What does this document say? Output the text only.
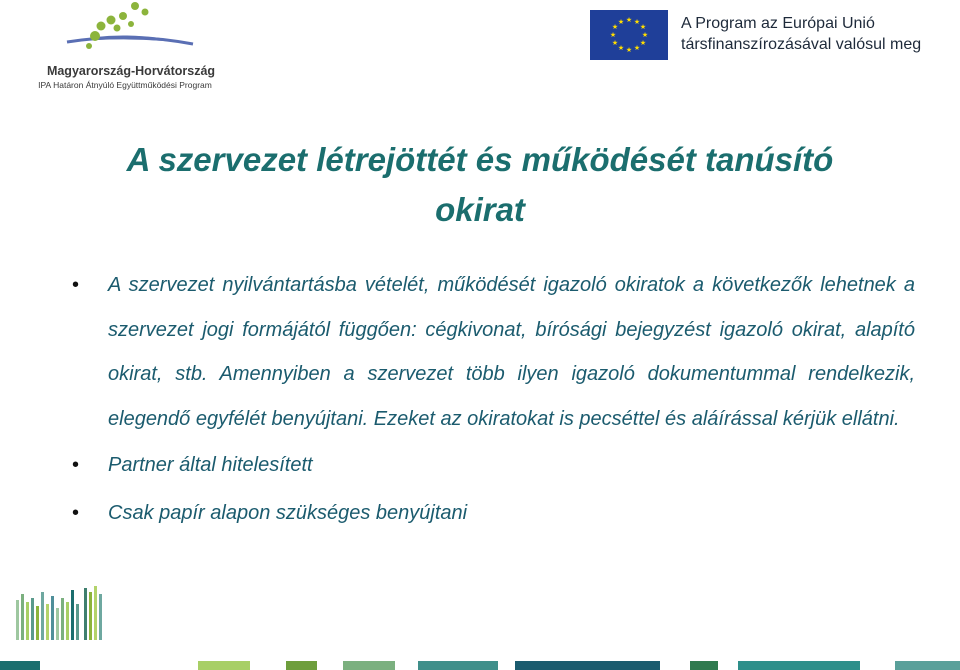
Magyarország-Horvátország
IPA Határon Átnyúló Együttműködési Program
★ ★
★
★
★
★
★
★
★
★
★
★	A Program az Európai Unió
társfinanszírozásával valósul meg
A szervezet létrejöttét és működését tanúsító
okirat
• A szervezet nyilvántartásba vételét, működését igazoló okiratok a következők lehetnek a szervezet jogi formájától függően: cégkivonat, bírósági bejegyzést igazoló okirat, alapító okirat, stb. Amennyiben a szervezet több ilyen igazoló dokumentummal rendelkezik, elegendő egyfélét benyújtani. Ezeket az okiratokat is pecséttel és aláírással kérjük ellátni.
• Partner által hitelesített
• Csak papír alapon szükséges benyújtani
